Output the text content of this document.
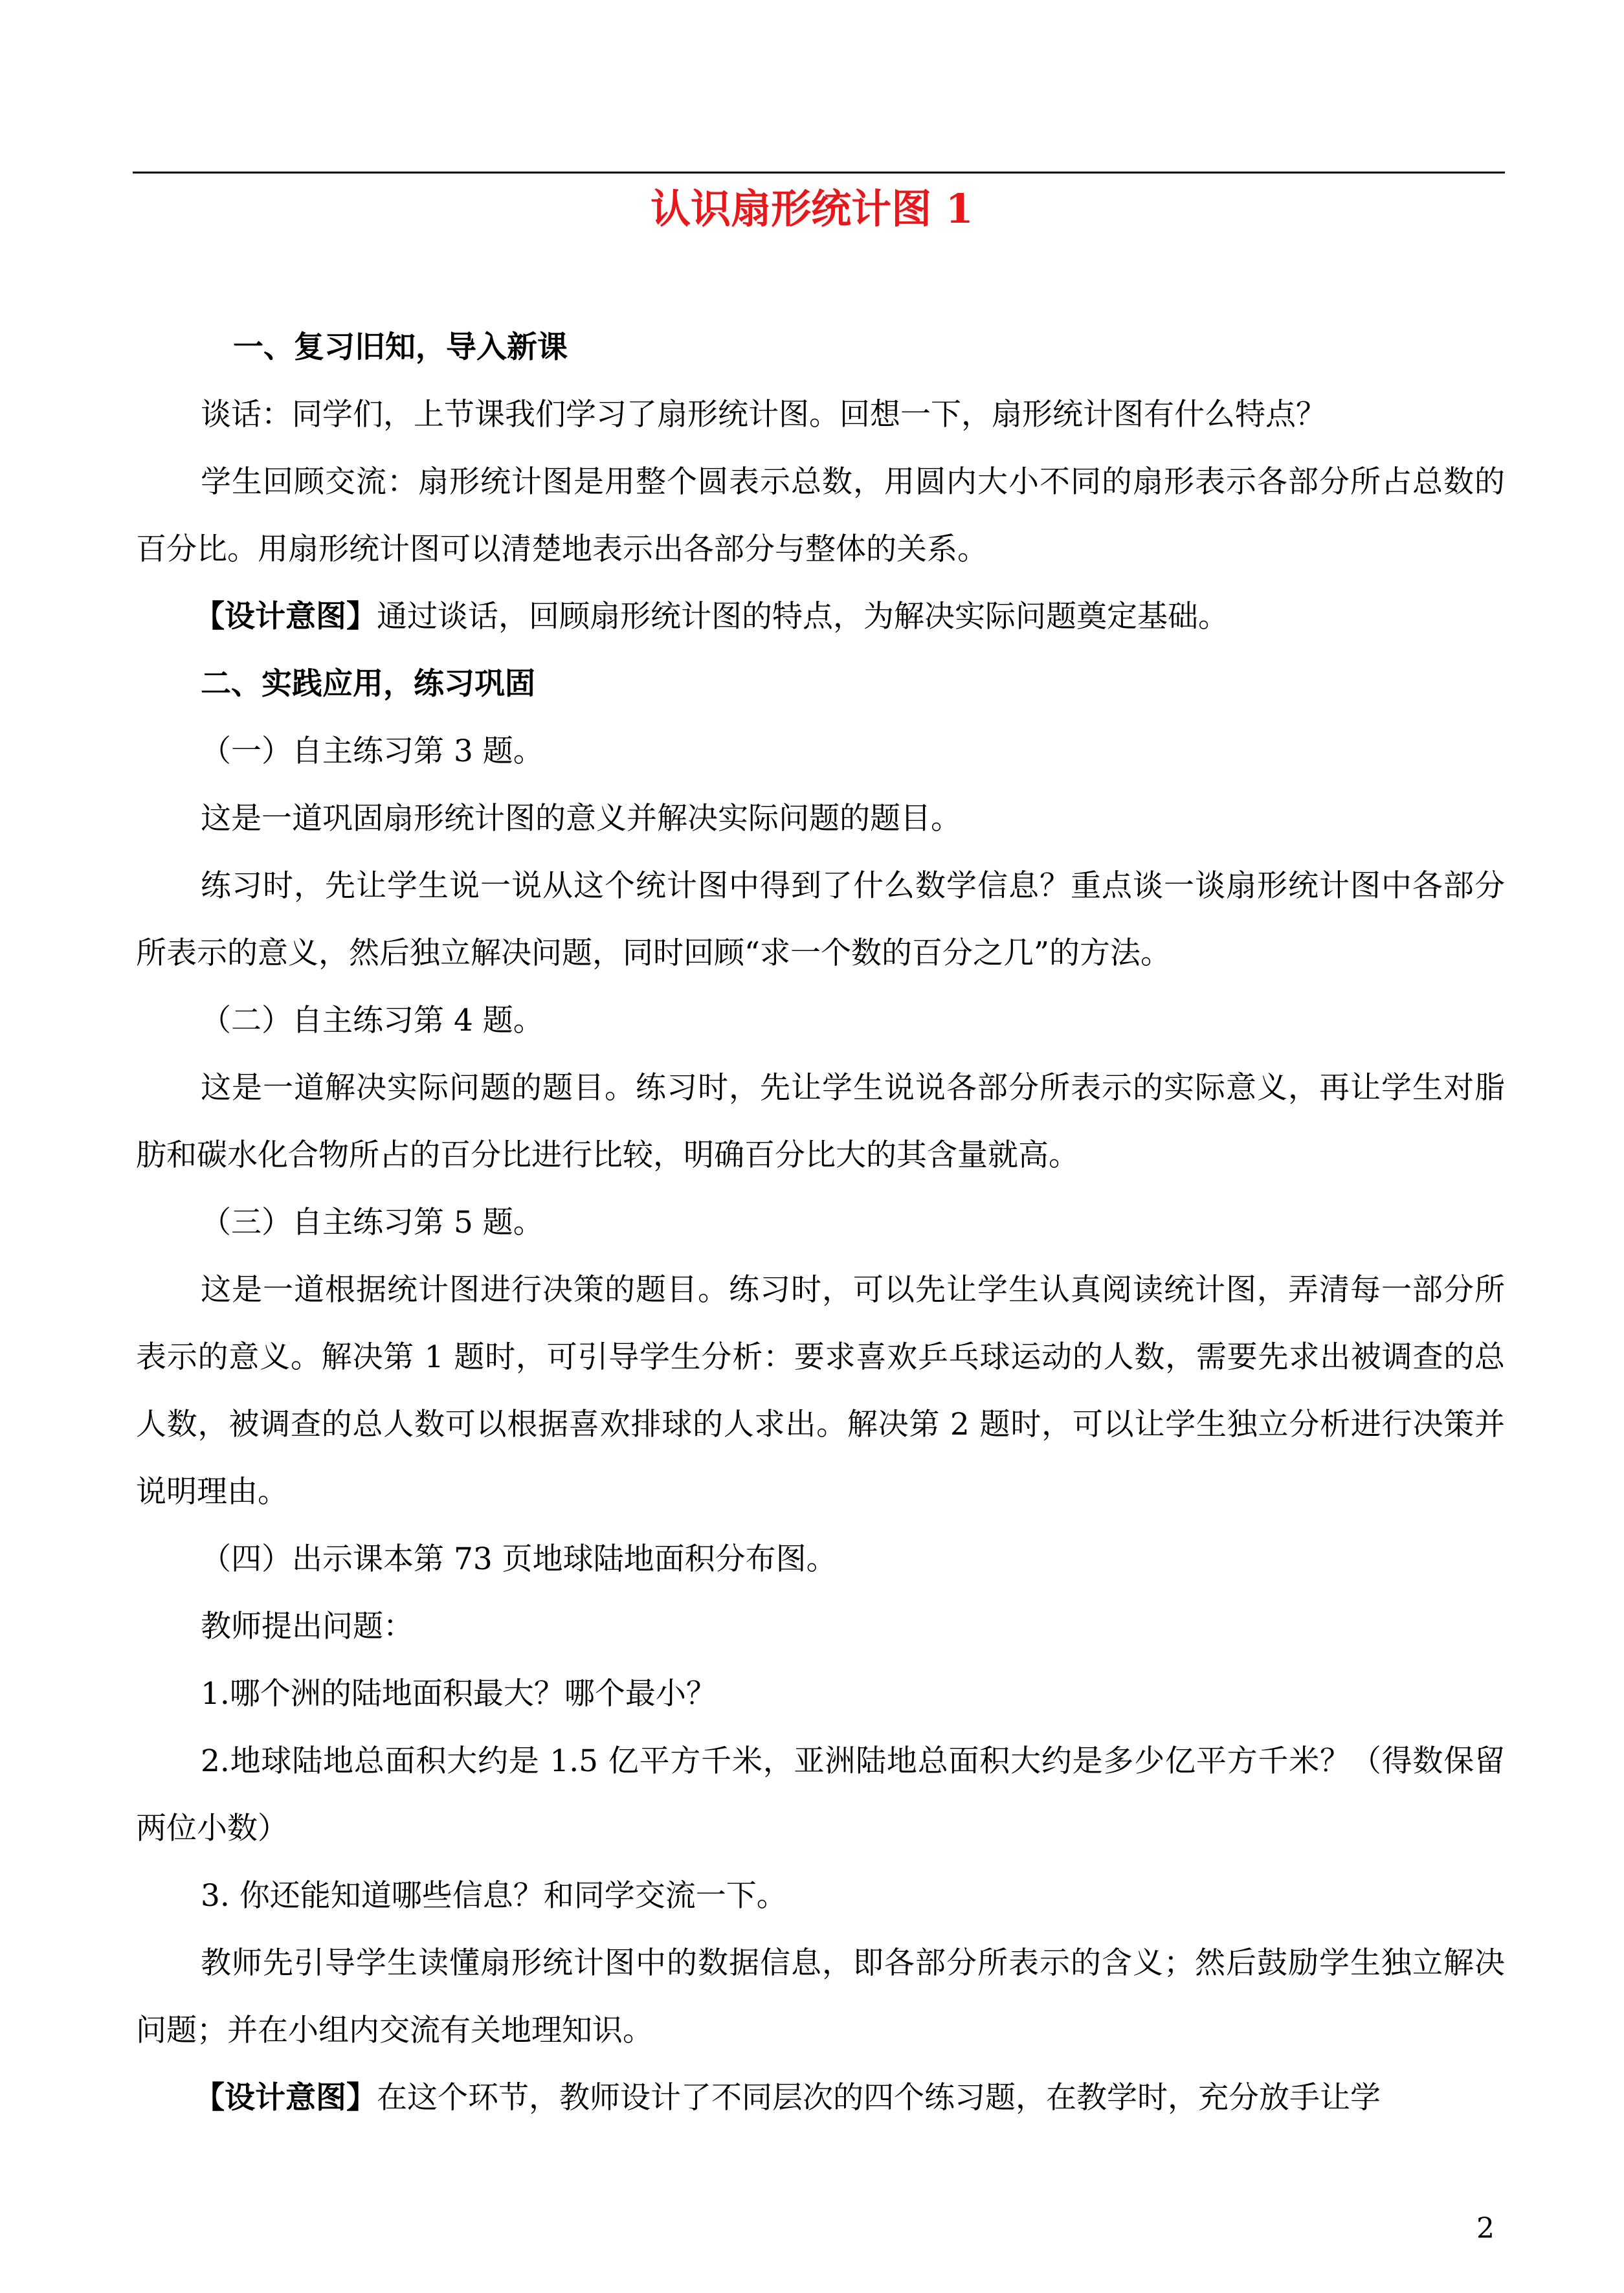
认识扇形统计图 1

一、复习旧知，导入新课

谈话：同学们，上节课我们学习了扇形统计图。回想一下，扇形统计图有什么特点？

学生回顾交流：扇形统计图是用整个圆表示总数，用圆内大小不同的扇形表示各部分所占总数的百分比。用扇形统计图可以清楚地表示出各部分与整体的关系。

【设计意图】通过谈话，回顾扇形统计图的特点，为解决实际问题奠定基础。

二、实践应用，练习巩固

（一）自主练习第 3 题。

这是一道巩固扇形统计图的意义并解决实际问题的题目。

练习时，先让学生说一说从这个统计图中得到了什么数学信息？重点谈一谈扇形统计图中各部分所表示的意义，然后独立解决问题，同时回顾“求一个数的百分之几”的方法。

（二）自主练习第 4 题。

这是一道解决实际问题的题目。练习时，先让学生说说各部分所表示的实际意义，再让学生对脂肪和碳水化合物所占的百分比进行比较，明确百分比大的其含量就高。

（三）自主练习第 5 题。

这是一道根据统计图进行决策的题目。练习时，可以先让学生认真阅读统计图，弄清每一部分所表示的意义。解决第 1 题时，可引导学生分析：要求喜欢乒乓球运动的人数，需要先求出被调查的总人数，被调查的总人数可以根据喜欢排球的人求出。解决第 2 题时，可以让学生独立分析进行决策并说明理由。

（四）出示课本第 73 页地球陆地面积分布图。

教师提出问题：

1.哪个洲的陆地面积最大？哪个最小？

2.地球陆地总面积大约是 1.5 亿平方千米，亚洲陆地总面积大约是多少亿平方千米？（得数保留两位小数）

3. 你还能知道哪些信息？和同学交流一下。

教师先引导学生读懂扇形统计图中的数据信息，即各部分所表示的含义；然后鼓励学生独立解决问题；并在小组内交流有关地理知识。

【设计意图】在这个环节，教师设计了不同层次的四个练习题，在教学时，充分放手让学

2
